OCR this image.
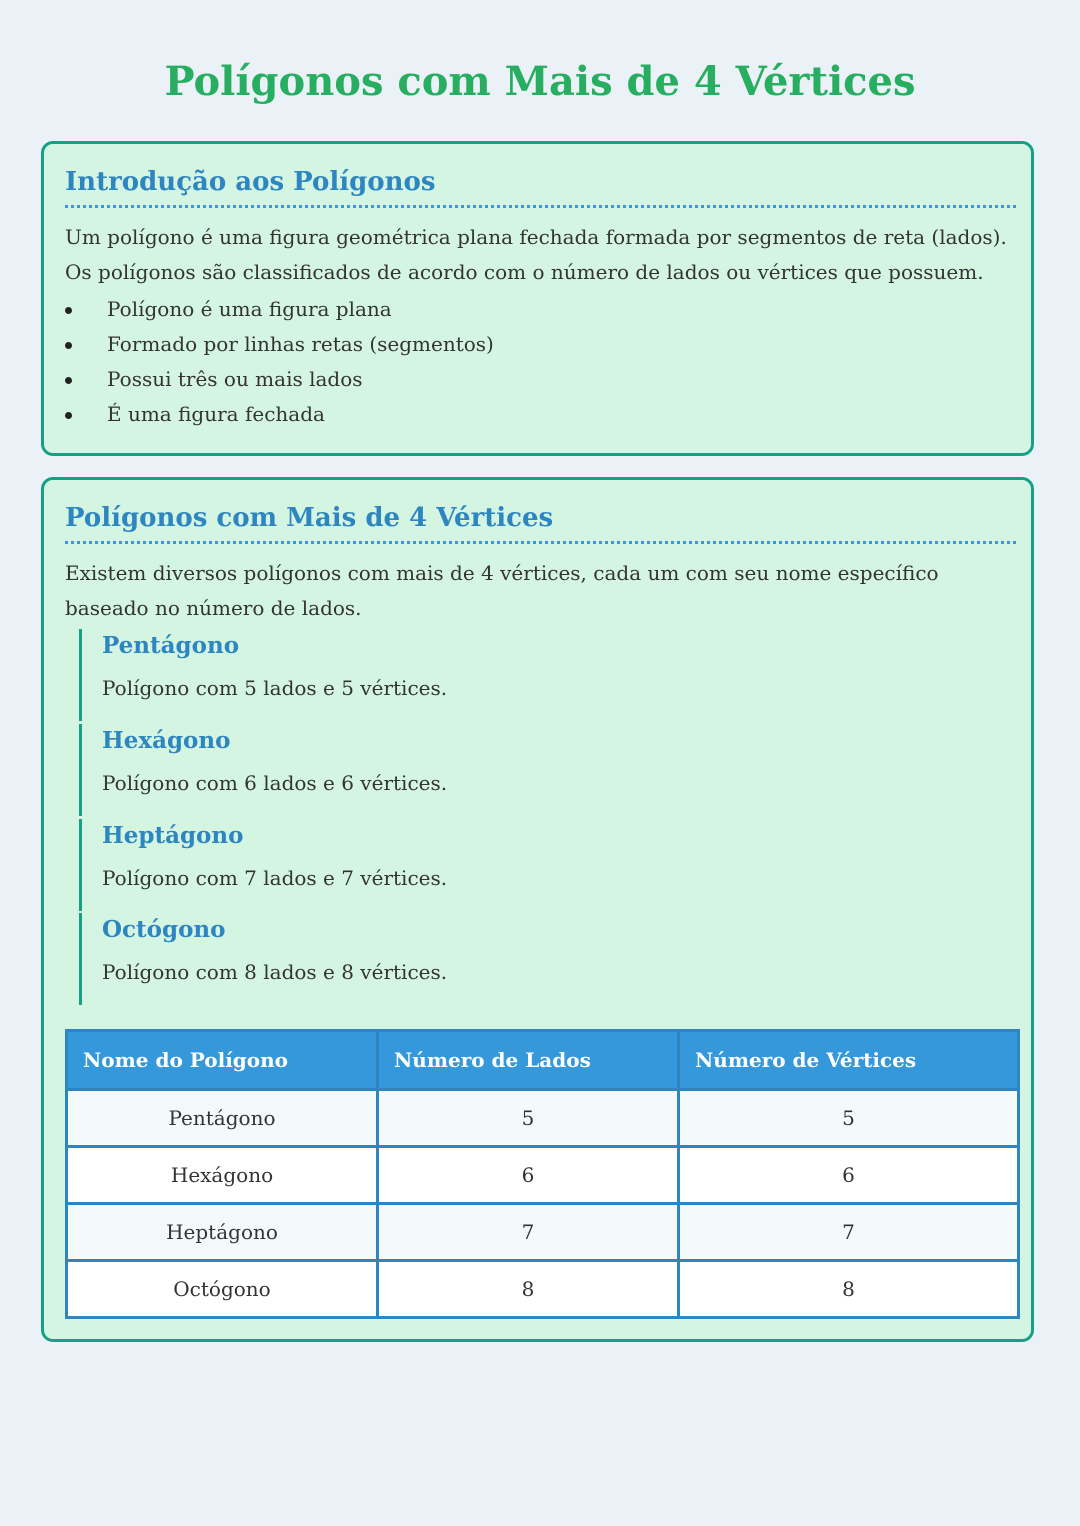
Polígonos com Mais de 4 Vértices
Introdução aos Polígonos

Um polígono é uma figura geométrica plana fechada formada por segmentos de reta (lados).

Os polígonos são classificados de acordo com o número de lados ou vértices que possuem.

Polígono é uma figura plana
Formado por linhas retas (segmentos)
Possui três ou mais lados
É uma figura fechada
Polígonos com Mais de 4 Vértices

Existem diversos polígonos com mais de 4 vértices, cada um com seu nome específico

baseado no número de lados.

Pentágono

Polígono com 5 lados e 5 vértices.

Hexágono

Polígono com 6 lados e 6 vértices.

Heptágono

Polígono com 7 lados e 7 vértices.

Octógono

Polígono com 8 lados e 8 vértices.

Nome do Polígono	Número de Lados	Número de Vértices
Pentágono	5	5
Hexágono	6	6
Heptágono	7	7
Octógono	8	8
